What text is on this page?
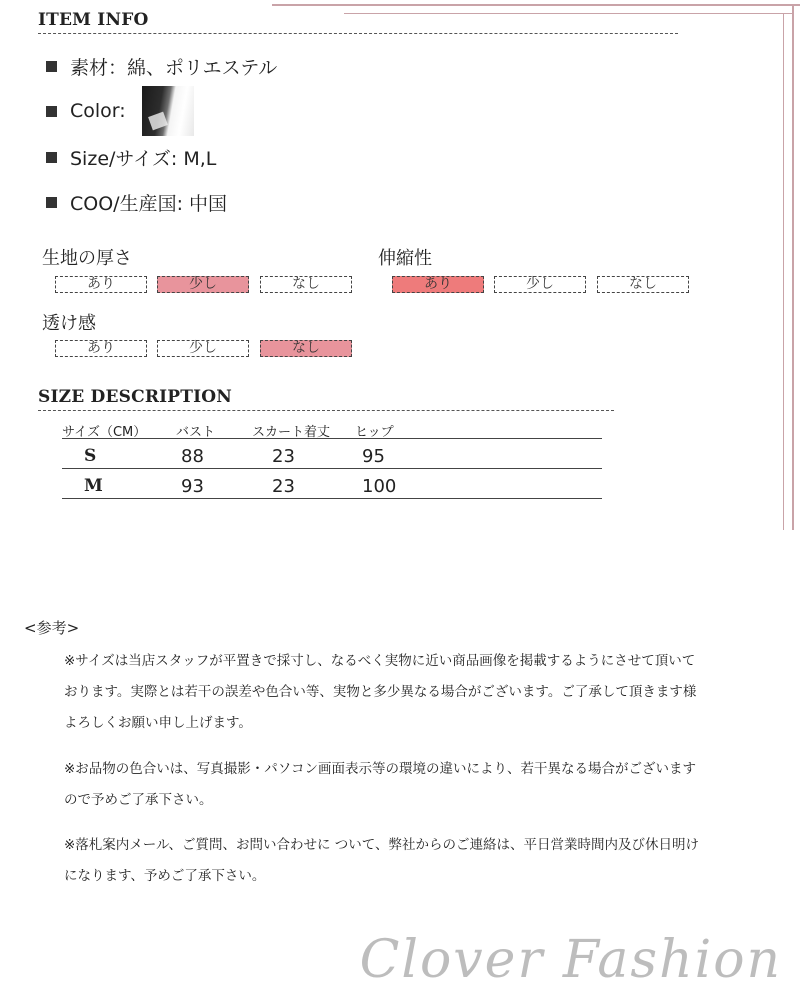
ITEM INFO
素材：綿、ポリエステル
Color:
Size/サイズ: M,L
COO/生産国: 中国
生地の厚さ
あり	少し	なし
伸縮性
あり	少し	なし
透け感
あり	少し	なし
SIZE DESCRIPTION
サイズ（CM） バスト	スカート着丈 ヒップ
S	88	23	95
M	93	23	100
<参考>
※サイズは当店スタッフが平置きで採寸し、なるべく実物に近い商品画像を掲載するようにさせて頂いております。実際とは若干の誤差や色合い等、実物と多少異なる場合がございます。ご了承して頂きます様よろしくお願い申し上げます。
※お品物の色合いは、写真撮影・パソコン画面表示等の環境の違いにより、若干異なる場合がございますので予めご了承下さい。
※落札案内メール、ご質問、お問い合わせに ついて、弊社からのご連絡は、平日営業時間内及び休日明けになります、予めご了承下さい。
Clover Fashion
